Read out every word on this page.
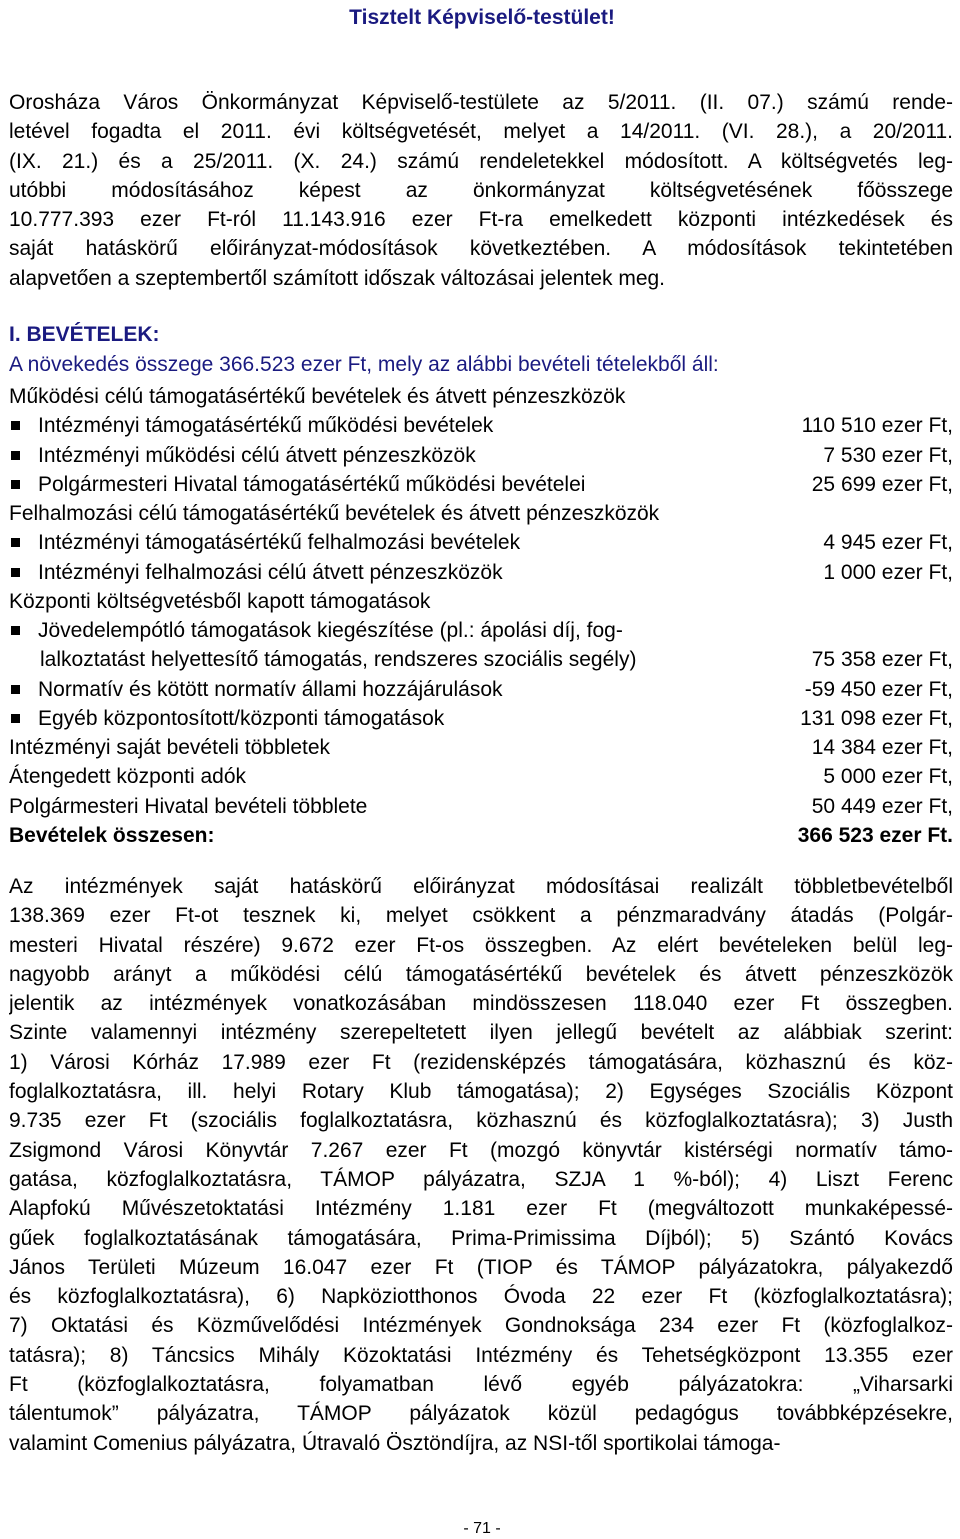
Tisztelt Képviselő-testület!
Orosháza Város Önkormányzat Képviselő-testülete az 5/2011. (II. 07.) számú rende-
letével fogadta el 2011. évi költségvetését, melyet a 14/2011. (VI. 28.), a 20/2011.
(IX. 21.) és a 25/2011. (X. 24.) számú rendeletekkel módosított. A költségvetés leg-
utóbbi módosításához képest az önkormányzat költségvetésének főösszege
10.777.393 ezer Ft-ról 11.143.916 ezer Ft-ra emelkedett központi intézkedések és
saját hatáskörű előirányzat-módosítások következtében. A módosítások tekintetében
alapvetően a szeptembertől számított időszak változásai jelentek meg.
I. BEVÉTELEK:
A növekedés összege 366.523 ezer Ft, mely az alábbi bevételi tételekből áll:
Működési célú támogatásértékű bevételek és átvett pénzeszközök
Intézményi támogatásértékű működési bevételek	110 510 ezer Ft,
Intézményi működési célú átvett pénzeszközök	7 530 ezer Ft,
Polgármesteri Hivatal támogatásértékű működési bevételei	25 699 ezer Ft,
Felhalmozási célú támogatásértékű bevételek és átvett pénzeszközök
Intézményi támogatásértékű felhalmozási bevételek	4 945 ezer Ft,
Intézményi felhalmozási célú átvett pénzeszközök	1 000 ezer Ft,
Központi költségvetésből kapott támogatások
Jövedelempótló támogatások kiegészítése (pl.: ápolási díj, fog-
lalkoztatást helyettesítő támogatás, rendszeres szociális segély)	75 358 ezer Ft,
Normatív és kötött normatív állami hozzájárulások	-59 450 ezer Ft,
Egyéb központosított/központi támogatások	131 098 ezer Ft,
Intézményi saját bevételi többletek	14 384 ezer Ft,
Átengedett központi adók	5 000 ezer Ft,
Polgármesteri Hivatal bevételi többlete	50 449 ezer Ft,
Bevételek összesen:	366 523 ezer Ft.
Az intézmények saját hatáskörű előirányzat módosításai realizált többletbevételből
138.369 ezer Ft-ot tesznek ki, melyet csökkent a pénzmaradvány átadás (Polgár-
mesteri Hivatal részére) 9.672 ezer Ft-os összegben. Az elért bevételeken belül leg-
nagyobb arányt a működési célú támogatásértékű bevételek és átvett pénzeszközök
jelentik az intézmények vonatkozásában mindösszesen 118.040 ezer Ft összegben.
Szinte valamennyi intézmény szerepeltetett ilyen jellegű bevételt az alábbiak szerint:
1) Városi Kórház 17.989 ezer Ft (rezidensképzés támogatására, közhasznú és köz-
foglalkoztatásra, ill. helyi Rotary Klub támogatása); 2) Egységes Szociális Központ
9.735 ezer Ft (szociális foglalkoztatásra, közhasznú és közfoglalkoztatásra); 3) Justh
Zsigmond Városi Könyvtár 7.267 ezer Ft (mozgó könyvtár kistérségi normatív támo-
gatása, közfoglalkoztatásra, TÁMOP pályázatra, SZJA 1 %-ból); 4) Liszt Ferenc
Alapfokú Művészetoktatási Intézmény 1.181 ezer Ft (megváltozott munkaképessé-
gűek foglalkoztatásának támogatására, Prima-Primissima Díjból); 5) Szántó Kovács
János Területi Múzeum 16.047 ezer Ft (TIOP és TÁMOP pályázatokra, pályakezdő
és közfoglalkoztatásra), 6) Napköziotthonos Óvoda 22 ezer Ft (közfoglalkoztatásra);
7) Oktatási és Közművelődési Intézmények Gondnoksága 234 ezer Ft (közfoglalkoz-
tatásra); 8) Táncsics Mihály Közoktatási Intézmény és Tehetségközpont 13.355 ezer
Ft (közfoglalkoztatásra, folyamatban lévő egyéb pályázatokra: „Viharsarki
tálentumok” pályázatra, TÁMOP pályázatok közül pedagógus továbbképzésekre,
valamint Comenius pályázatra, Útravaló Ösztöndíjra, az NSI-től sportikolai támoga-
- 71 -
